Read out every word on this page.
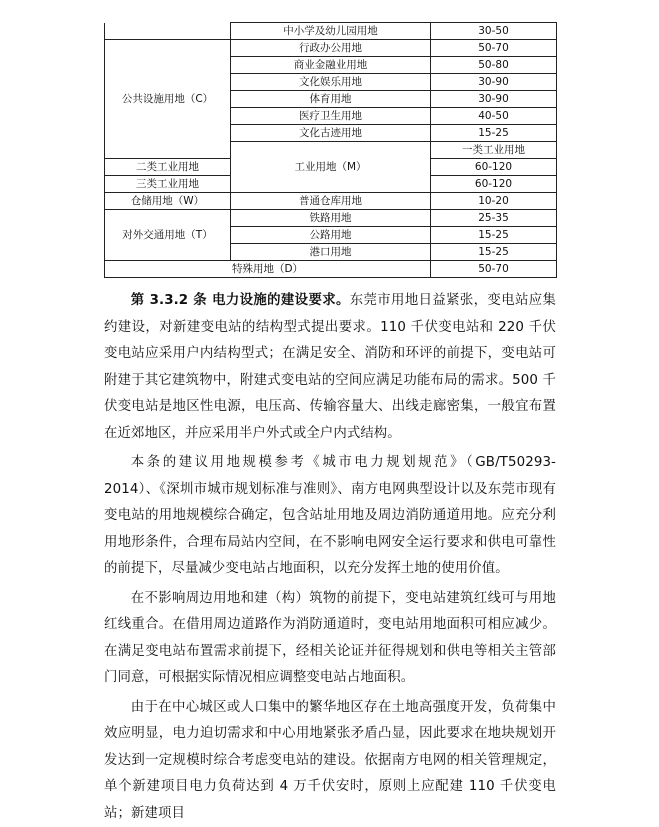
	中小学及幼儿园用地	30-50	
公共设施用地（C）	行政办公用地	50-70	
	商业金融业用地	50-80	
	文化娱乐用地	30-90	
	体育用地	30-90	
	医疗卫生用地	40-50	
	文化古迹用地	15-25	
	工业用地（M）	一类工业用地	
二类工业用地		60-120	
三类工业用地		60-120	
仓储用地（W）	普通仓库用地	10-20	
对外交通用地（T）	铁路用地	25-35	
	公路用地	15-25	
	港口用地	15-25	
特殊用地（D）		50-70	

第 3.3.2 条 电力设施的建设要求。东莞市用地日益紧张，变电站应集约建设，对新建变电站的结构型式提出要求。110 千伏变电站和 220 千伏变电站应采用户内结构型式；在满足安全、消防和环评的前提下，变电站可附建于其它建筑物中，附建式变电站的空间应满足功能布局的需求。500 千伏变电站是地区性电源，电压高、传输容量大、出线走廊密集，一般宜布置在近郊地区，并应采用半户外式或全户内式结构。

本条的建议用地规模参考《城市电力规划规范》（GB/T50293-2014）、《深圳市城市规划标准与准则》、南方电网典型设计以及东莞市现有变电站的用地规模综合确定，包含站址用地及周边消防通道用地。应充分利用地形条件，合理布局站内空间，在不影响电网安全运行要求和供电可靠性的前提下，尽量减少变电站占地面积，以充分发挥土地的使用价值。

在不影响周边用地和建（构）筑物的前提下，变电站建筑红线可与用地红线重合。在借用周边道路作为消防通道时，变电站用地面积可相应减少。在满足变电站布置需求前提下，经相关论证并征得规划和供电等相关主管部门同意，可根据实际情况相应调整变电站占地面积。

由于在中心城区或人口集中的繁华地区存在土地高强度开发，负荷集中效应明显，电力迫切需求和中心用地紧张矛盾凸显，因此要求在地块规划开发达到一定规模时综合考虑变电站的建设。依据南方电网的相关管理规定，单个新建项目电力负荷达到 4 万千伏安时，原则上应配建 110 千伏变电站；新建项目
